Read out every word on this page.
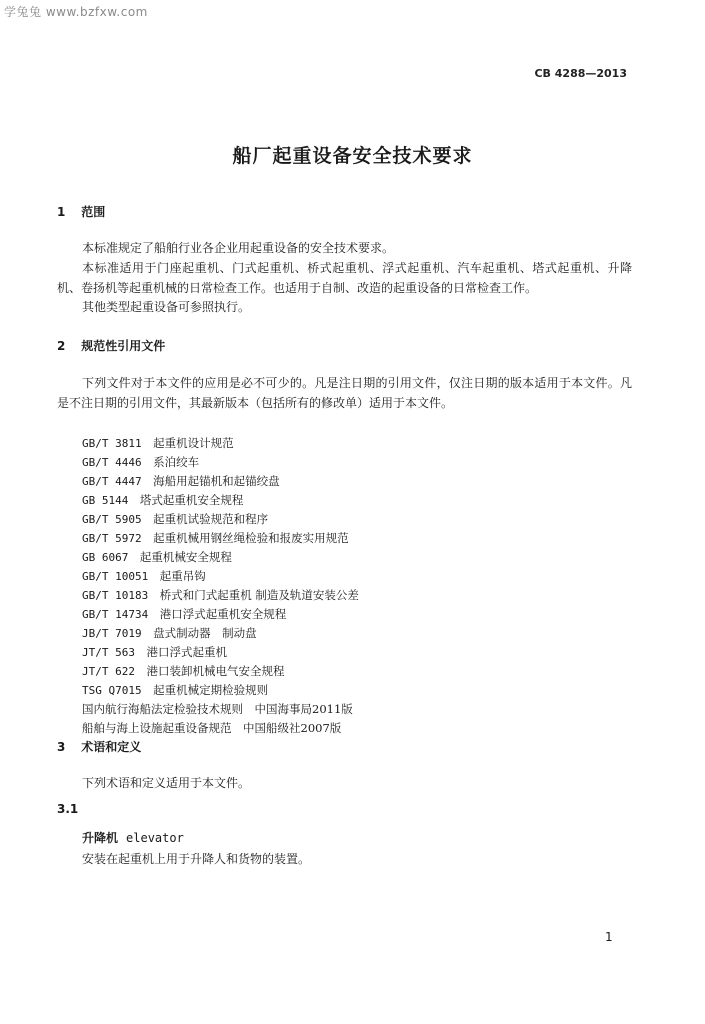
学兔兔 www.bzfxw.com
CB 4288—2013
船厂起重设备安全技术要求
1 范围

本标准规定了船舶行业各企业用起重设备的安全技术要求。

本标准适用于门座起重机、门式起重机、桥式起重机、浮式起重机、汽车起重机、塔式起重机、升降机、卷扬机等起重机械的日常检查工作。也适用于自制、改造的起重设备的日常检查工作。

其他类型起重设备可参照执行。

2 规范性引用文件

下列文件对于本文件的应用是必不可少的。凡是注日期的引用文件，仅注日期的版本适用于本文件。凡是不注日期的引用文件，其最新版本（包括所有的修改单）适用于本文件。

GB/T 3811　 起重机设计规范
GB/T 4446　 系泊绞车
GB/T 4447　 海船用起锚机和起锚绞盘
GB 5144　 塔式起重机安全规程
GB/T 5905　 起重机试验规范和程序
GB/T 5972　 起重机械用钢丝绳检验和报废实用规范
GB 6067　 起重机械安全规程
GB/T 10051　 起重吊钩
GB/T 10183　 桥式和门式起重机 制造及轨道安装公差
GB/T 14734　 港口浮式起重机安全规程
JB/T 7019　 盘式制动器　制动盘
JT/T 563　 港口浮式起重机
JT/T 622　 港口装卸机械电气安全规程
TSG Q7015　 起重机械定期检验规则
国内航行海船法定检验技术规则　中国海事局2011版
船舶与海上设施起重设备规范　中国船级社2007版
3 术语和定义

下列术语和定义适用于本文件。

3.1
升降机 elevator
安装在起重机上用于升降人和货物的装置。
1
